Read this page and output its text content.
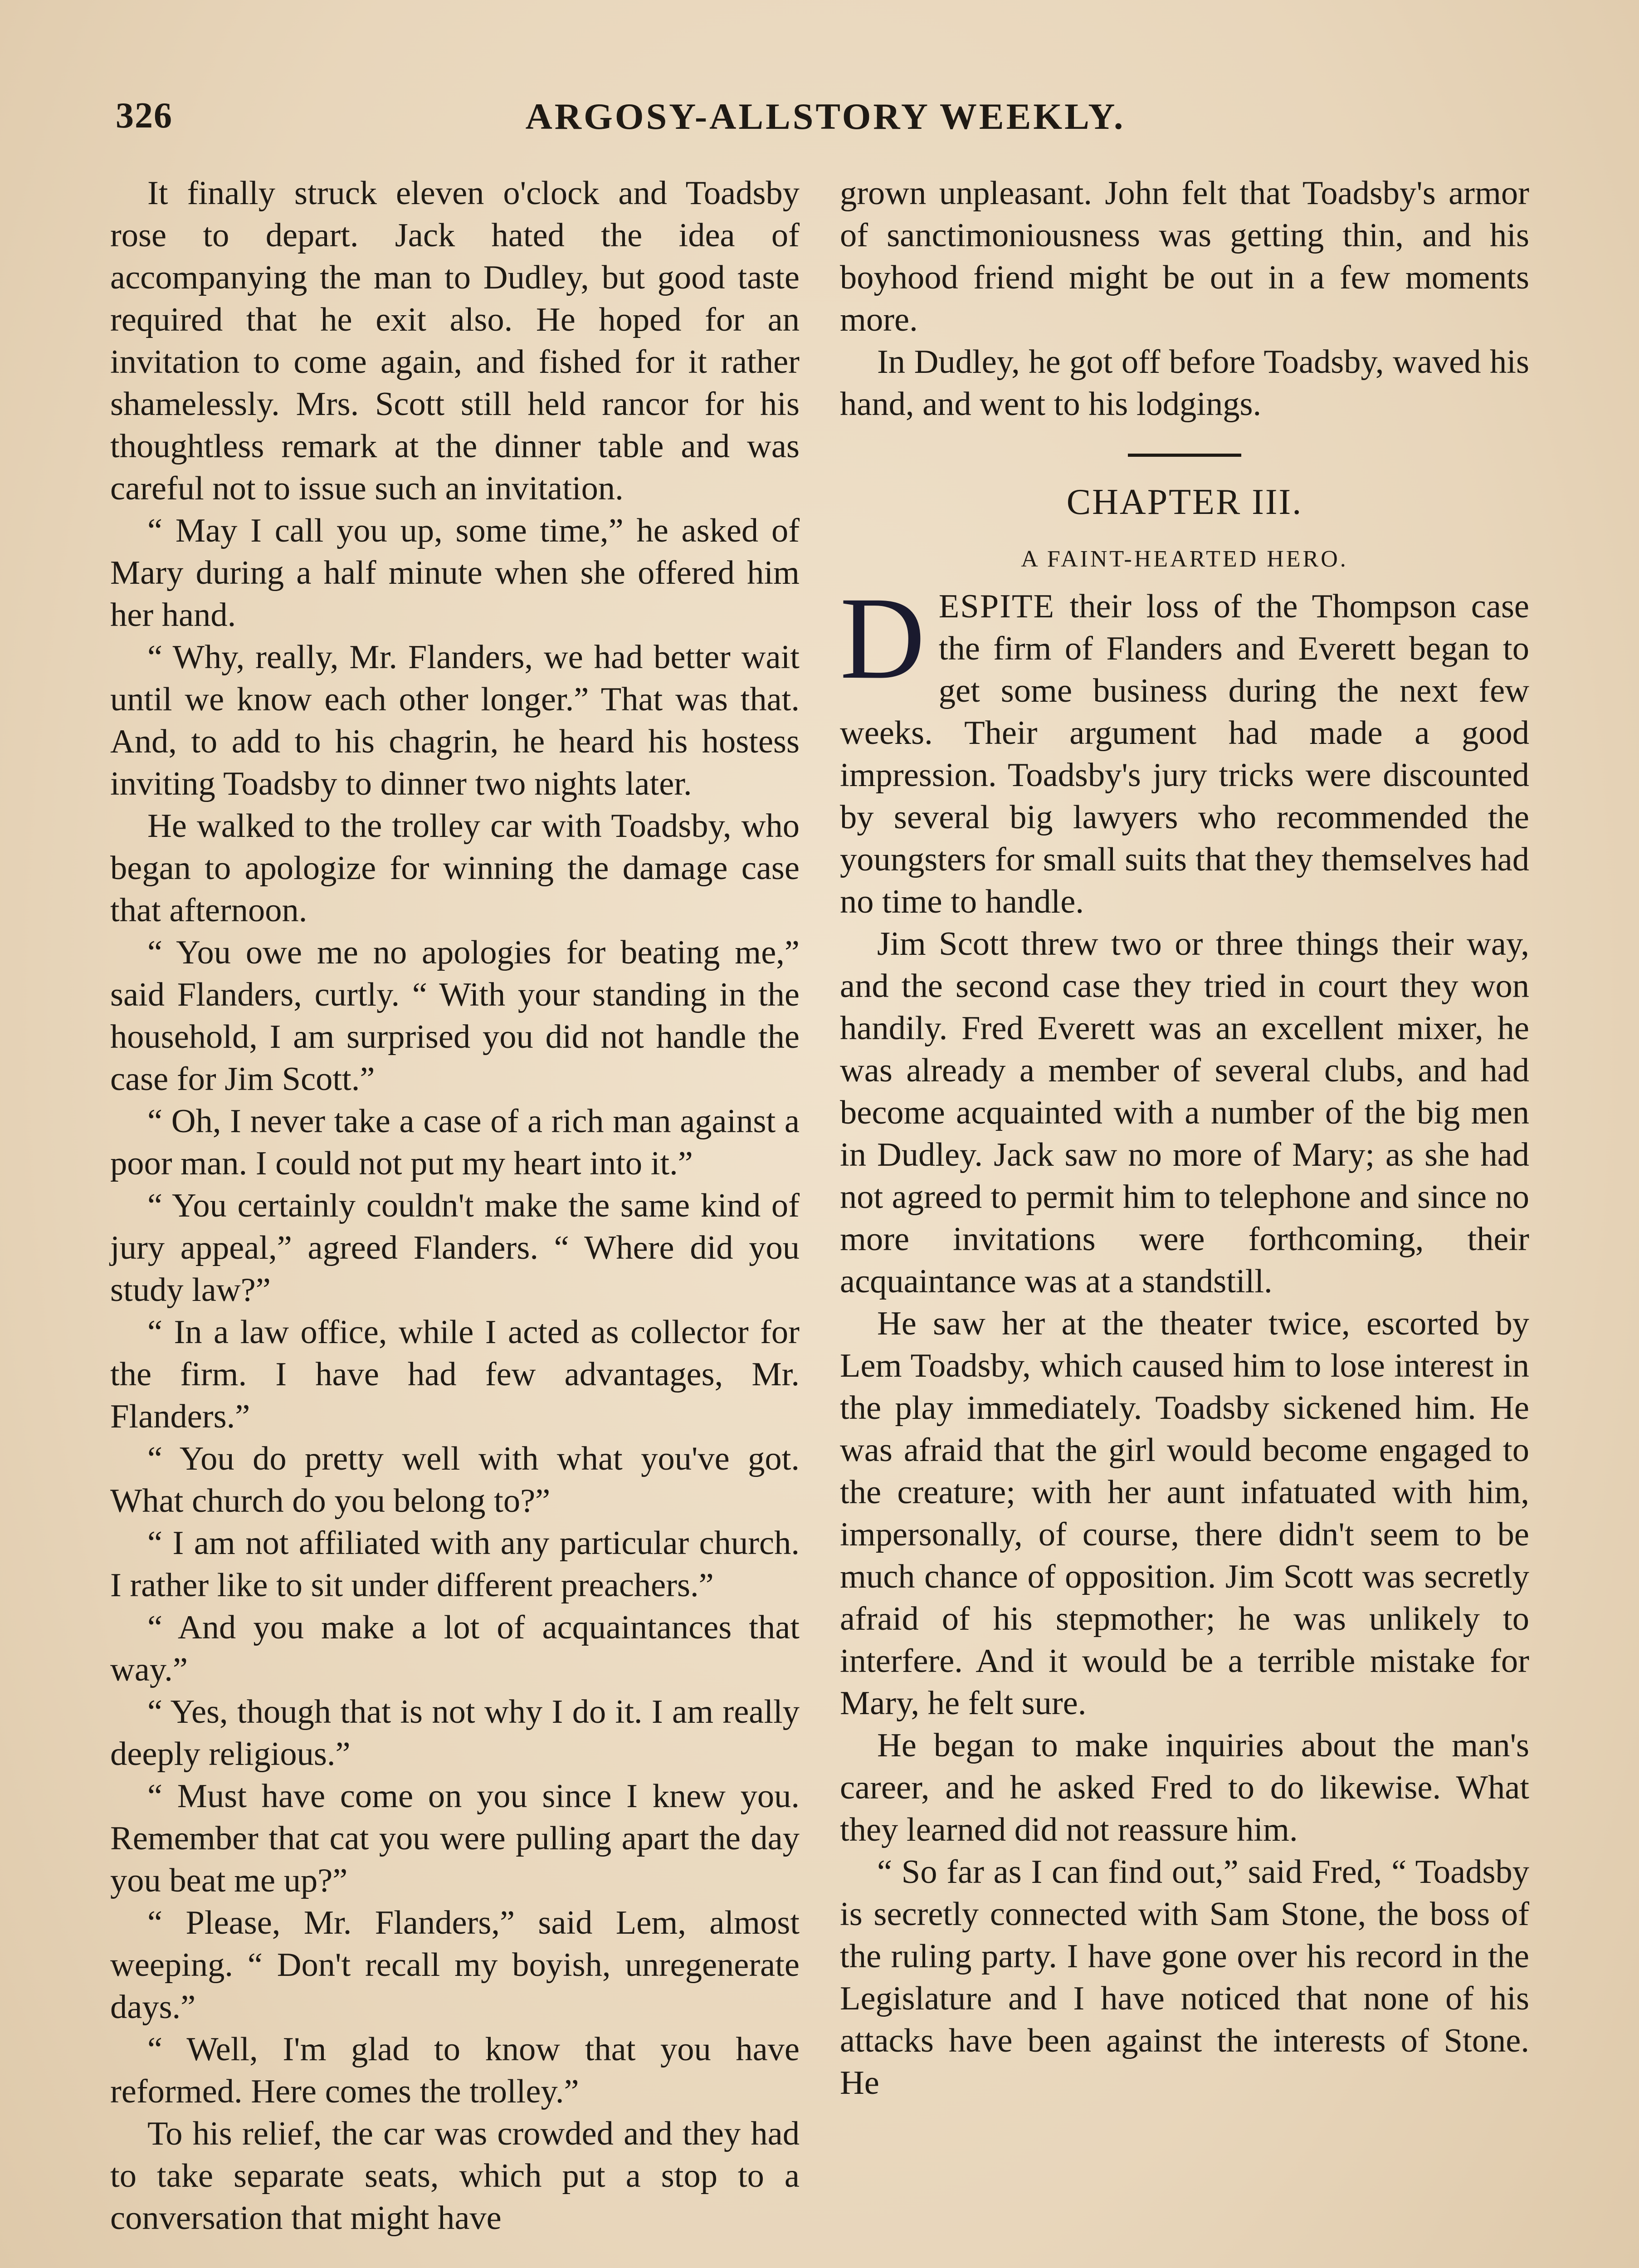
326	ARGOSY-ALLSTORY WEEKLY.

It finally struck eleven o'clock and Toadsby rose to depart. Jack hated the idea of accompanying the man to Dudley, but good taste required that he exit also. He hoped for an invitation to come again, and fished for it rather shamelessly. Mrs. Scott still held rancor for his thoughtless remark at the dinner table and was careful not to issue such an invitation.

“ May I call you up, some time,” he asked of Mary during a half minute when she offered him her hand.

“ Why, really, Mr. Flanders, we had better wait until we know each other longer.” That was that. And, to add to his chagrin, he heard his hostess inviting Toadsby to dinner two nights later.

He walked to the trolley car with Toadsby, who began to apologize for winning the damage case that afternoon.

“ You owe me no apologies for beating me,” said Flanders, curtly. “ With your standing in the household, I am surprised you did not handle the case for Jim Scott.”

“ Oh, I never take a case of a rich man against a poor man. I could not put my heart into it.”

“ You certainly couldn't make the same kind of jury appeal,” agreed Flanders. “ Where did you study law?”

“ In a law office, while I acted as collector for the firm. I have had few advantages, Mr. Flanders.”

“ You do pretty well with what you've got. What church do you belong to?”

“ I am not affiliated with any particular church. I rather like to sit under different preachers.”

“ And you make a lot of acquaintances that way.”

“ Yes, though that is not why I do it. I am really deeply religious.”

“ Must have come on you since I knew you. Remember that cat you were pulling apart the day you beat me up?”

“ Please, Mr. Flanders,” said Lem, almost weeping. “ Don't recall my boyish, unregenerate days.”

“ Well, I'm glad to know that you have reformed. Here comes the trolley.”

To his relief, the car was crowded and they had to take separate seats, which put a stop to a conversation that might have

grown unpleasant. John felt that Toadsby's armor of sanctimoniousness was getting thin, and his boyhood friend might be out in a few moments more.

In Dudley, he got off before Toadsby, waved his hand, and went to his lodgings.

CHAPTER III.
A FAINT-HEARTED HERO.

DESPITE their loss of the Thompson case the firm of Flanders and Everett began to get some business during the next few weeks. Their argument had made a good impression. Toadsby's jury tricks were discounted by several big lawyers who recommended the youngsters for small suits that they themselves had no time to handle.

Jim Scott threw two or three things their way, and the second case they tried in court they won handily. Fred Everett was an excellent mixer, he was already a member of several clubs, and had become acquainted with a number of the big men in Dudley. Jack saw no more of Mary; as she had not agreed to permit him to telephone and since no more invitations were forthcoming, their acquaintance was at a standstill.

He saw her at the theater twice, escorted by Lem Toadsby, which caused him to lose interest in the play immediately. Toadsby sickened him. He was afraid that the girl would become engaged to the creature; with her aunt infatuated with him, impersonally, of course, there didn't seem to be much chance of opposition. Jim Scott was secretly afraid of his stepmother; he was unlikely to interfere. And it would be a terrible mistake for Mary, he felt sure.

He began to make inquiries about the man's career, and he asked Fred to do likewise. What they learned did not reassure him.

“ So far as I can find out,” said Fred, “ Toadsby is secretly connected with Sam Stone, the boss of the ruling party. I have gone over his record in the Legislature and I have noticed that none of his attacks have been against the interests of Stone. He
